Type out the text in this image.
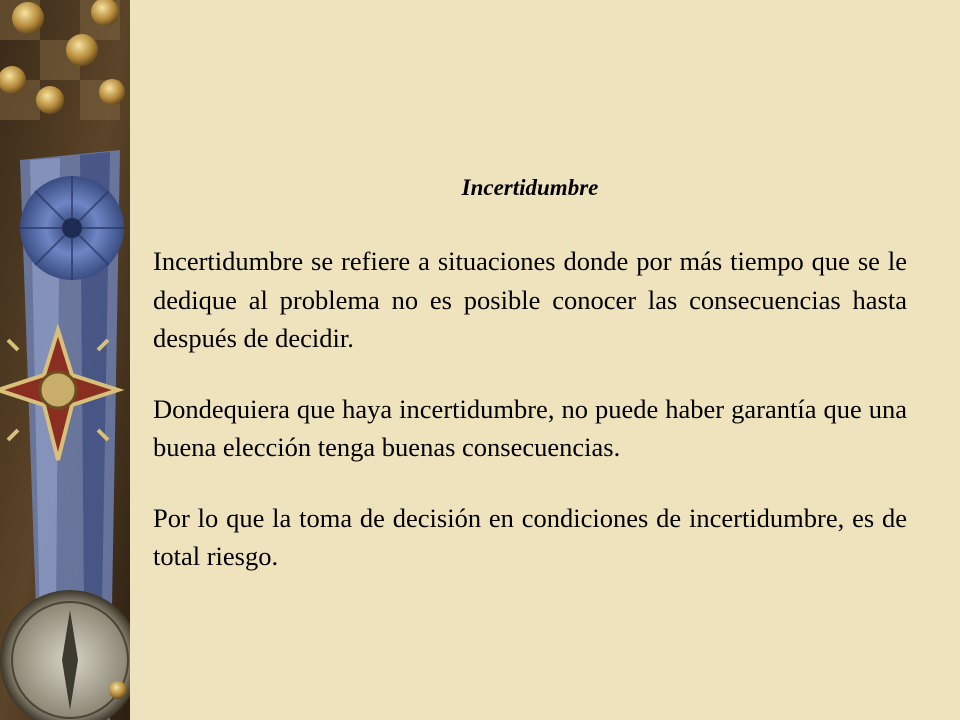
Incertidumbre

Incertidumbre se refiere a situaciones donde por más tiempo que se le dedique al problema no es posible conocer las consecuencias hasta después de decidir.

Dondequiera que haya incertidumbre, no puede haber garantía que una buena elección tenga buenas consecuencias.

Por lo que la toma de decisión en condiciones de incertidumbre, es de total riesgo.
